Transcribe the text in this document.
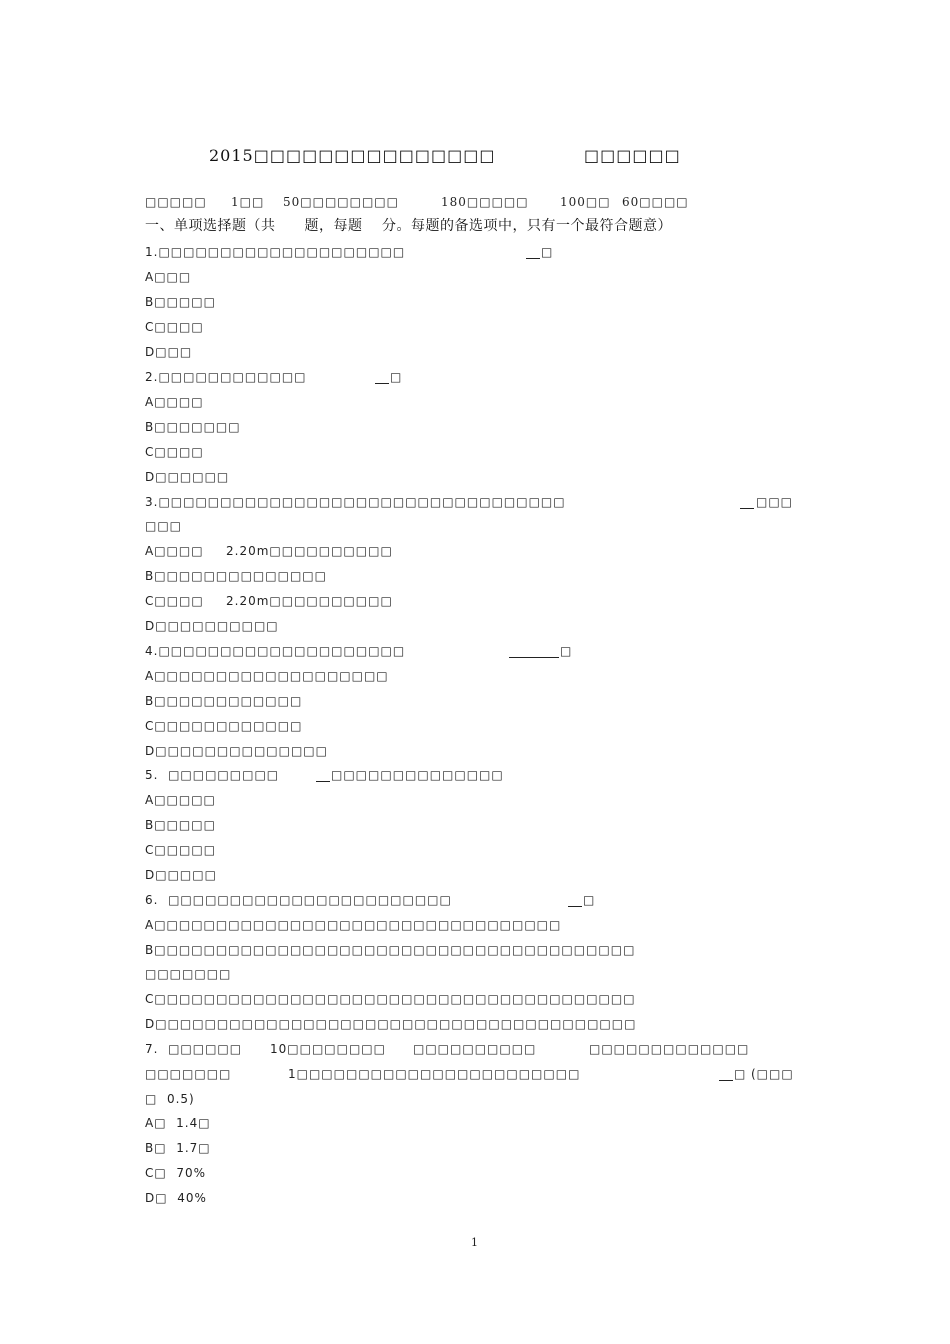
2015□□□□□□□□□□□□□□□	□□□□□□
□□□□□ 1□□ 50□□□□□□□□	180□□□□□	100□□ 60□□□□
一、单项选择题（共　　题，每题　 分。每题的备选项中，只有一个最符合题意）
1.□□□□□□□□□□□□□□□□□□□□	□
A□□□
B□□□□□
C□□□□
D□□□
2.□□□□□□□□□□□□	□
A□□□□
B□□□□□□□
C□□□□
D□□□□□□
3.□□□□□□□□□□□□□□□□□□□□□□□□□□□□□□□□□	□□□
□□□
A□□□□ 2.20m□□□□□□□□□□
B□□□□□□□□□□□□□□
C□□□□ 2.20m□□□□□□□□□□
D□□□□□□□□□□
4.□□□□□□□□□□□□□□□□□□□□	□
A□□□□□□□□□□□□□□□□□□□
B□□□□□□□□□□□□
C□□□□□□□□□□□□
D□□□□□□□□□□□□□□
5.  □□□□□□□□□	□□□□□□□□□□□□□□
A□□□□□
B□□□□□
C□□□□□
D□□□□□
6.  □□□□□□□□□□□□□□□□□□□□□□□	□
A□□□□□□□□□□□□□□□□□□□□□□□□□□□□□□□□□
B□□□□□□□□□□□□□□□□□□□□□□□□□□□□□□□□□□□□□□□
□□□□□□□
C□□□□□□□□□□□□□□□□□□□□□□□□□□□□□□□□□□□□□□□
D□□□□□□□□□□□□□□□□□□□□□□□□□□□□□□□□□□□□□□□
7.  □□□□□□ 10□□□□□□□□ □□□□□□□□□□	□□□□□□□□□□□□□
□□□□□□□	1□□□□□□□□□□□□□□□□□□□□□□□	□ (□□□
□  0.5)
A□  1.4□
B□  1.7□
C□  70%
D□  40%
1
